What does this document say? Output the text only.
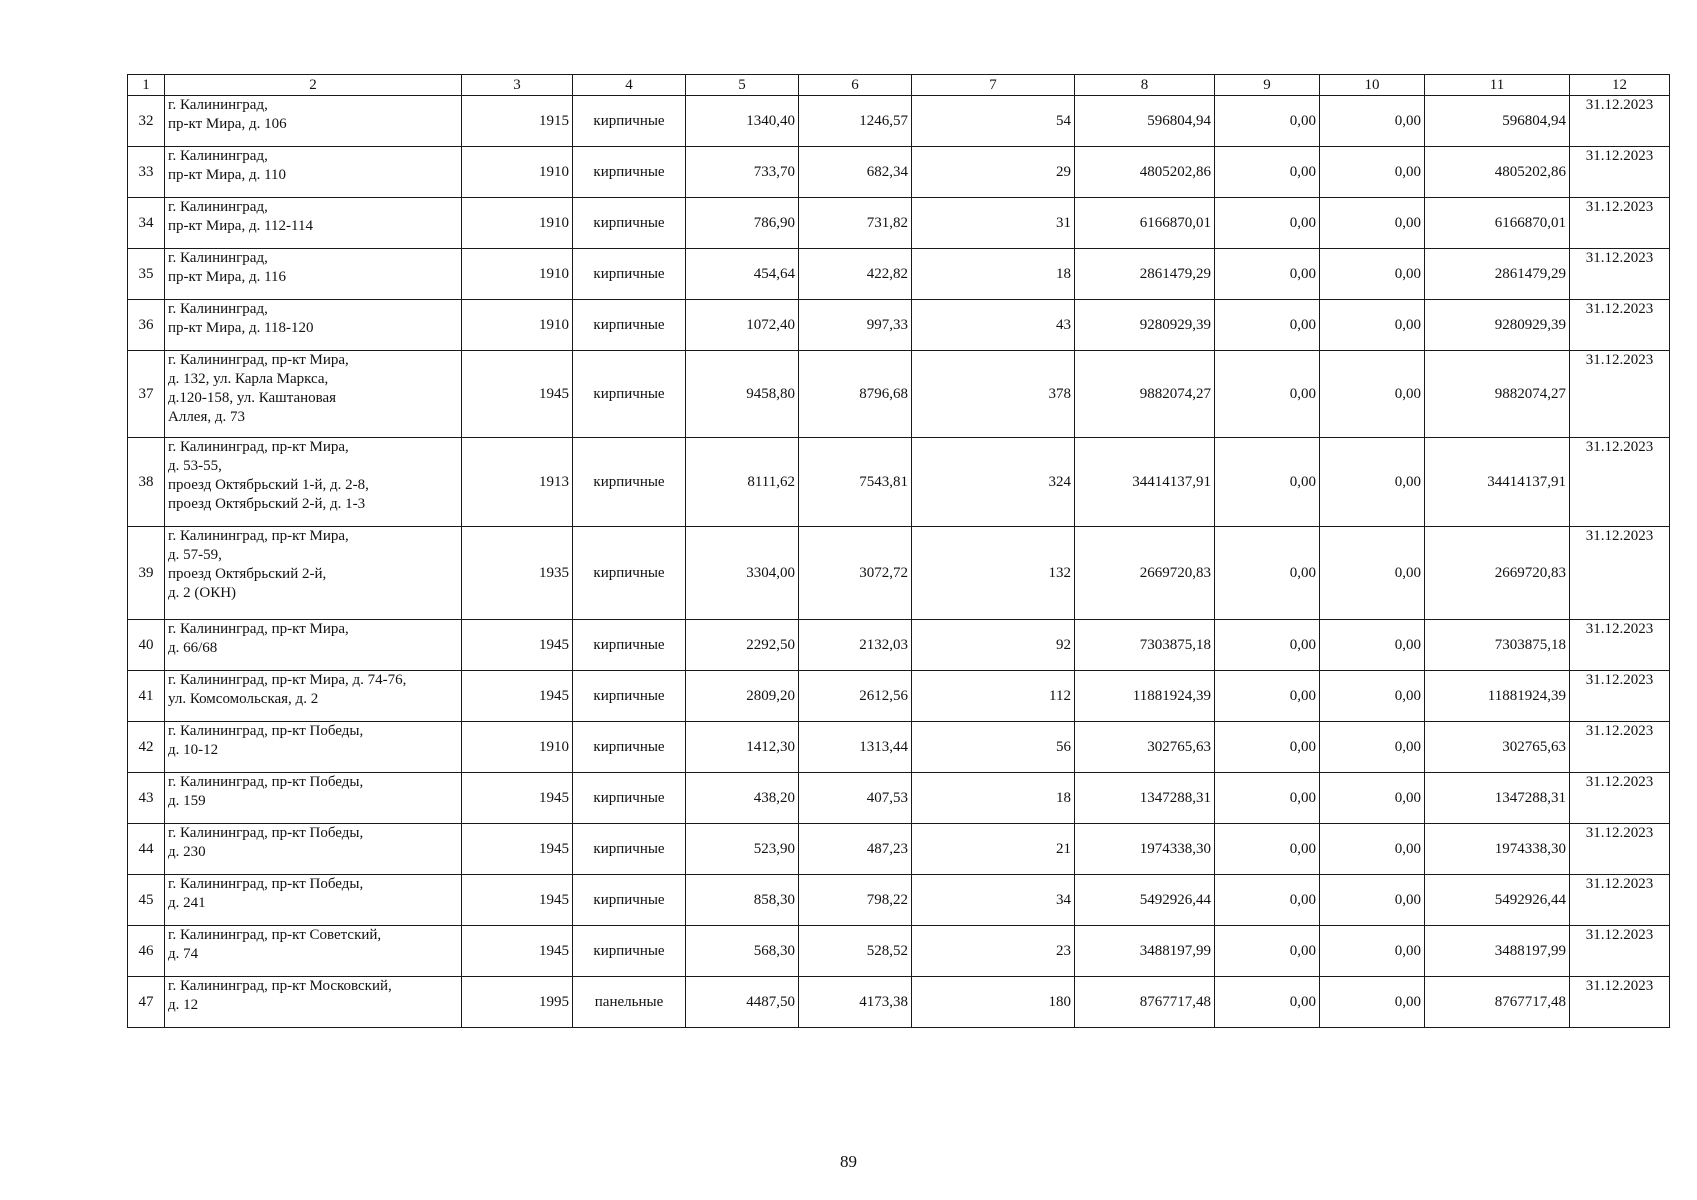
1	2	3	4	5	6	7	8	9	10	11	12
32	г. Калининград,
пр-кт Мира, д. 106	1915	кирпичные	1340,40	1246,57	54	596804,94	0,00	0,00	596804,94	31.12.2023
33	г. Калининград,
пр-кт Мира, д. 110	1910	кирпичные	733,70	682,34	29	4805202,86	0,00	0,00	4805202,86	31.12.2023
34	г. Калининград,
пр-кт Мира, д. 112-114	1910	кирпичные	786,90	731,82	31	6166870,01	0,00	0,00	6166870,01	31.12.2023
35	г. Калининград,
пр-кт Мира, д. 116	1910	кирпичные	454,64	422,82	18	2861479,29	0,00	0,00	2861479,29	31.12.2023
36	г. Калининград,
пр-кт Мира, д. 118-120	1910	кирпичные	1072,40	997,33	43	9280929,39	0,00	0,00	9280929,39	31.12.2023
37	г. Калининград, пр-кт Мира,
д. 132, ул. Карла Маркса,
д.120-158, ул. Каштановая
Аллея, д. 73	1945	кирпичные	9458,80	8796,68	378	9882074,27	0,00	0,00	9882074,27	31.12.2023
38	г. Калининград, пр-кт Мира,
д. 53-55,
проезд Октябрьский 1-й, д. 2-8,
проезд Октябрьский 2-й, д. 1-3	1913	кирпичные	8111,62	7543,81	324	34414137,91	0,00	0,00	34414137,91	31.12.2023
39	г. Калининград, пр-кт Мира,
д. 57-59,
проезд Октябрьский 2-й,
д. 2 (ОКН)	1935	кирпичные	3304,00	3072,72	132	2669720,83	0,00	0,00	2669720,83	31.12.2023
40	г. Калининград, пр-кт Мира,
д. 66/68	1945	кирпичные	2292,50	2132,03	92	7303875,18	0,00	0,00	7303875,18	31.12.2023
41	г. Калининград, пр-кт Мира, д. 74-76,
ул. Комсомольская, д. 2	1945	кирпичные	2809,20	2612,56	112	11881924,39	0,00	0,00	11881924,39	31.12.2023
42	г. Калининград, пр-кт Победы,
д. 10-12	1910	кирпичные	1412,30	1313,44	56	302765,63	0,00	0,00	302765,63	31.12.2023
43	г. Калининград, пр-кт Победы,
д. 159	1945	кирпичные	438,20	407,53	18	1347288,31	0,00	0,00	1347288,31	31.12.2023
44	г. Калининград, пр-кт Победы,
д. 230	1945	кирпичные	523,90	487,23	21	1974338,30	0,00	0,00	1974338,30	31.12.2023
45	г. Калининград, пр-кт Победы,
д. 241	1945	кирпичные	858,30	798,22	34	5492926,44	0,00	0,00	5492926,44	31.12.2023
46	г. Калининград, пр-кт Советский,
д. 74	1945	кирпичные	568,30	528,52	23	3488197,99	0,00	0,00	3488197,99	31.12.2023
47	г. Калининград, пр-кт Московский,
д. 12	1995	панельные	4487,50	4173,38	180	8767717,48	0,00	0,00	8767717,48	31.12.2023
89
